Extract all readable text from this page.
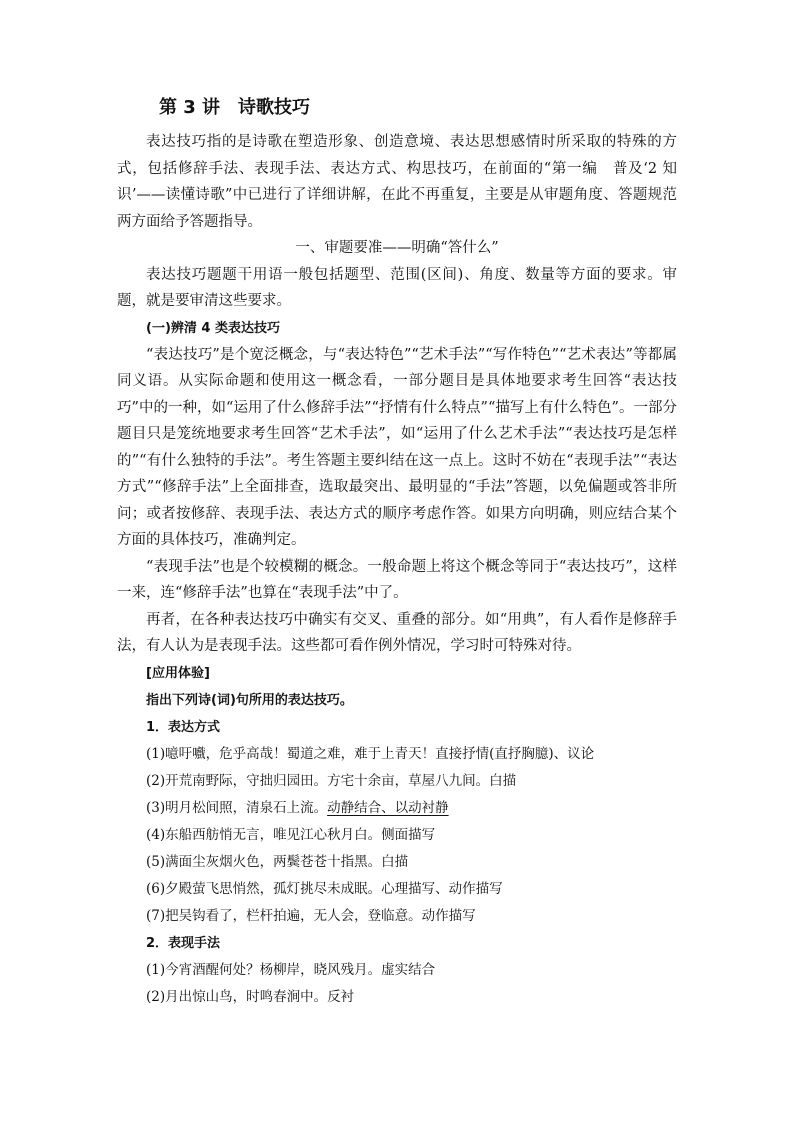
第 3 讲　诗歌技巧

表达技巧指的是诗歌在塑造形象、创造意境、表达思想感情时所采取的特殊的方式，包括修辞手法、表现手法、表达方式、构思技巧，在前面的“第一编　普及‘2 知识’——读懂诗歌”中已进行了详细讲解，在此不再重复，主要是从审题角度、答题规范两方面给予答题指导。

一、审题要准——明确“答什么”

表达技巧题题干用语一般包括题型、范围(区间)、角度、数量等方面的要求。审题，就是要审清这些要求。

(一)辨清 4 类表达技巧

“表达技巧”是个宽泛概念，与“表达特色”“艺术手法”“写作特色”“艺术表达”等都属同义语。从实际命题和使用这一概念看，一部分题目是具体地要求考生回答“表达技巧”中的一种，如“运用了什么修辞手法”“抒情有什么特点”“描写上有什么特色”。一部分题目只是笼统地要求考生回答“艺术手法”，如“运用了什么艺术手法”“表达技巧是怎样的”“有什么独特的手法”。考生答题主要纠结在这一点上。这时不妨在“表现手法”“表达方式”“修辞手法”上全面排查，选取最突出、最明显的“手法”答题，以免偏题或答非所问；或者按修辞、表现手法、表达方式的顺序考虑作答。如果方向明确，则应结合某个方面的具体技巧，准确判定。

“表现手法”也是个较模糊的概念。一般命题上将这个概念等同于“表达技巧”，这样一来，连“修辞手法”也算在“表现手法”中了。

再者，在各种表达技巧中确实有交叉、重叠的部分。如“用典”，有人看作是修辞手法，有人认为是表现手法。这些都可看作例外情况，学习时可特殊对待。

[应用体验]

指出下列诗(词)句所用的表达技巧。

1．表达方式

(1)噫吁嚱，危乎高哉！蜀道之难，难于上青天！直接抒情(直抒胸臆)、议论

(2)开荒南野际，守拙归园田。方宅十余亩，草屋八九间。白描

(3)明月松间照，清泉石上流。动静结合、以动衬静

(4)东船西舫悄无言，唯见江心秋月白。侧面描写

(5)满面尘灰烟火色，两鬓苍苍十指黑。白描

(6)夕殿萤飞思悄然，孤灯挑尽未成眠。心理描写、动作描写

(7)把吴钩看了，栏杆拍遍，无人会，登临意。动作描写

2．表现手法

(1)今宵酒醒何处？杨柳岸，晓风残月。虚实结合

(2)月出惊山鸟，时鸣春涧中。反衬
